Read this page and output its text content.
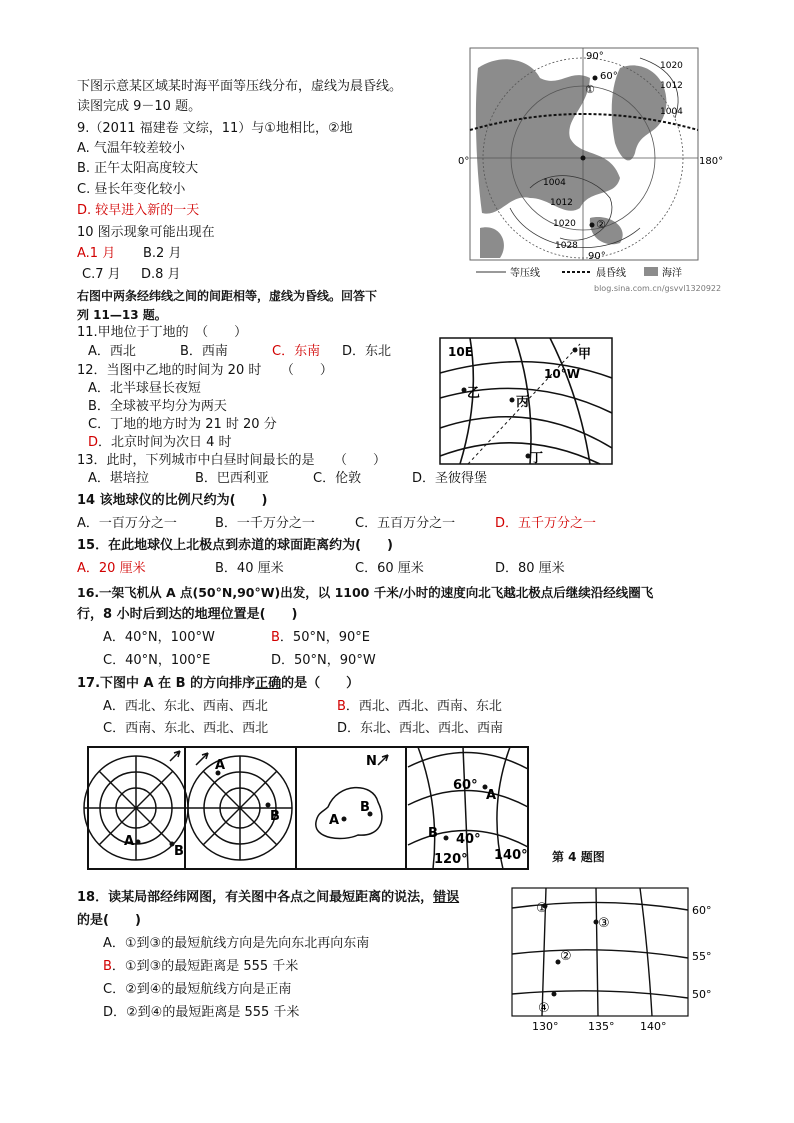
90°
60°
①
0°	180°
1020
1012
1004
1004
1012
1020
1028
②
90°
等压线	晨昏线	海洋
blog.sina.com.cn/gsvvl1320922
下图示意某区域某时海平面等压线分布，虚线为晨昏线。
读图完成 9－10 题。
9.（2011 福建卷 文综，11）与①地相比，②地
A. 气温年较差较小
B. 正午太阳高度较大
C. 昼长年变化较小
D. 较早进入新的一天
10 图示现象可能出现在
A.1 月 B.2 月
C.7 月 D.8 月
右图中两条经纬线之间的间距相等，虚线为昏线。回答下
列 11—13 题。
10E
10°W
甲
乙
丙
丁
11.甲地位于丁地的　（　　）
A．西北	B．西南	C．东南 D．东北
12．当图中乙地的时间为 20 时　　（　　）
A．北半球昼长夜短
B．全球被平均分为两天
C．丁地的地方时为 21 时 20 分
D．北京时间为次日 4 时
13．此时，下列城市中白昼时间最长的是　　（　　）
A．堪培拉	B．巴西利亚	C．伦敦	D．圣彼得堡
14 该地球仪的比例尺约为(　　)
A．一百万分之一	B．一千万分之一	C．五百万分之一	D．五千万分之一
15．在此地球仪上北极点到赤道的球面距离约为(　　)
A．20 厘米	B．40 厘米	C．60 厘米	D．80 厘米
16.一架飞机从 A 点(50°N,90°W)出发，以 1100 千米/小时的速度向北飞越北极点后继续沿经线圈飞
行，8 小时后到达的地理位置是(　　)
A．40°N，100°W	B．50°N，90°E
C．40°N，100°E	D．50°N，90°W
17.下图中 A 在 B 的方向排序正确的是（　　）
A．西北、东北、西南、西北	B．西北、西北、西南、东北
C．西南、东北、西北、西北	D．东北、西北、西北、西南
A
B
A
B
N
A
B
60°
A
B 40°
120° 140° 第 4 题图
18．读某局部经纬网图，有关图中各点之间最短距离的说法，错误
的是(　　)
A．①到③的最短航线方向是先向东北再向东南
B．①到③的最短距离是 555 千米
C．②到④的最短航线方向是正南
D．②到④的最短距离是 555 千米
①
③
②
④
60°
55°
50°
130°	135° 140°
